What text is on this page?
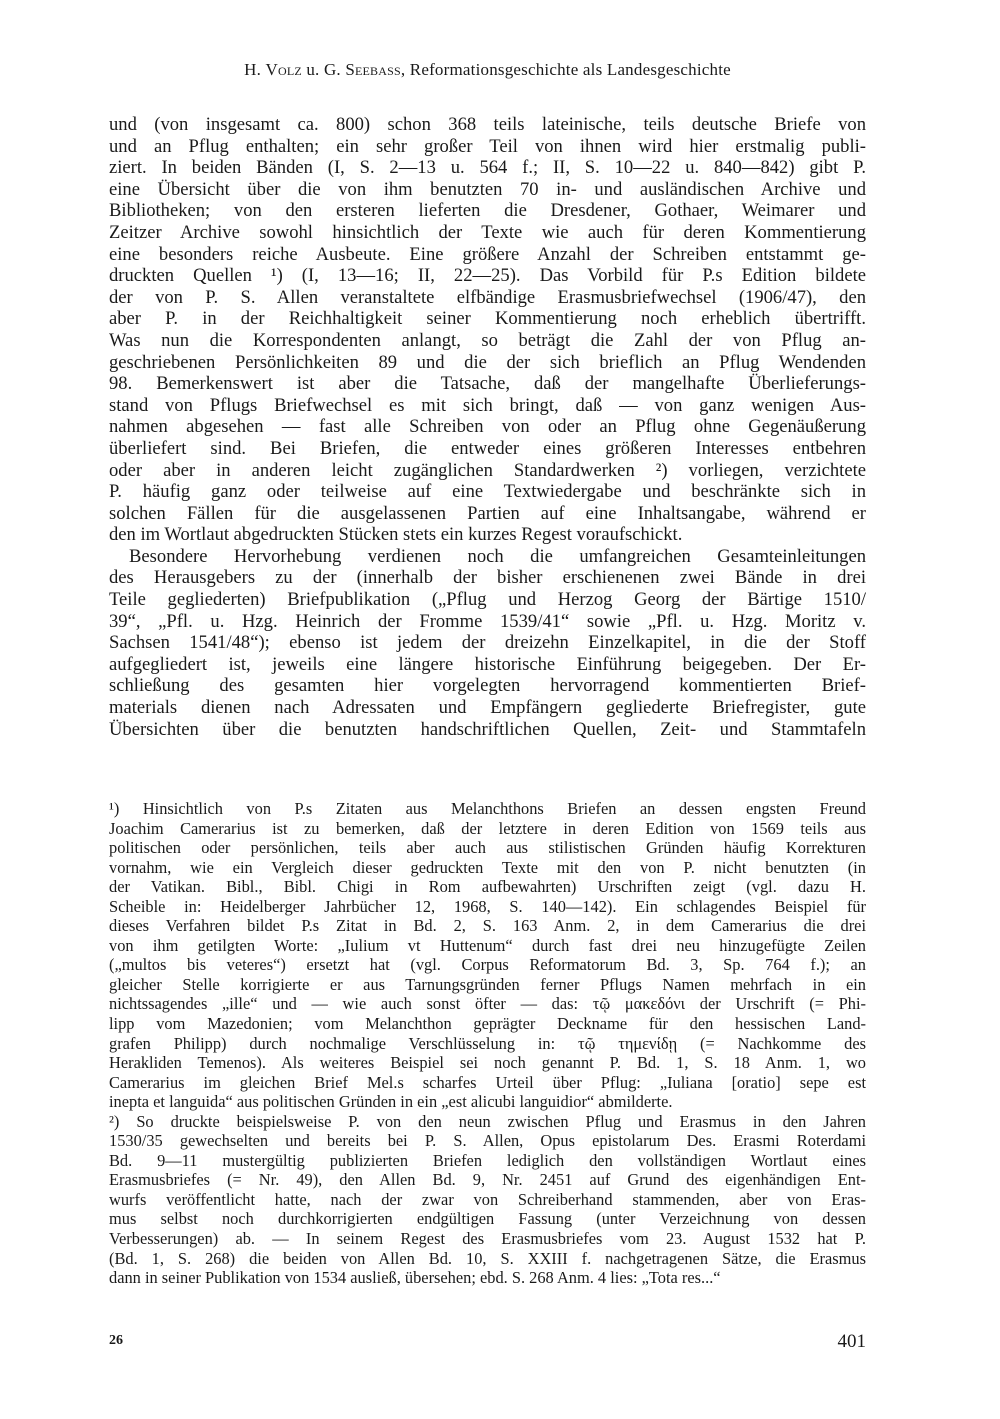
H. Volz u. G. Seebass, Reformationsgeschichte als Landesgeschichte
und (von insgesamt ca. 800) schon 368 teils lateinische, teils deutsche Briefe von
und an Pflug enthalten; ein sehr großer Teil von ihnen wird hier erstmalig publi-
ziert. In beiden Bänden (I, S. 2—13 u. 564 f.; II, S. 10—22 u. 840—842) gibt P.
eine Übersicht über die von ihm benutzten 70 in- und ausländischen Archive und
Bibliotheken; von den ersteren lieferten die Dresdener, Gothaer, Weimarer und
Zeitzer Archive sowohl hinsichtlich der Texte wie auch für deren Kommentierung
eine besonders reiche Ausbeute. Eine größere Anzahl der Schreiben entstammt ge-
druckten Quellen ¹) (I, 13—16; II, 22—25). Das Vorbild für P.s Edition bildete
der von P. S. Allen veranstaltete elfbändige Erasmusbriefwechsel (1906/47), den
aber P. in der Reichhaltigkeit seiner Kommentierung noch erheblich übertrifft.
Was nun die Korrespondenten anlangt, so beträgt die Zahl der von Pflug an-
geschriebenen Persönlichkeiten 89 und die der sich brieflich an Pflug Wendenden
98. Bemerkenswert ist aber die Tatsache, daß der mangelhafte Überlieferungs-
stand von Pflugs Briefwechsel es mit sich bringt, daß — von ganz wenigen Aus-
nahmen abgesehen — fast alle Schreiben von oder an Pflug ohne Gegenäußerung
überliefert sind. Bei Briefen, die entweder eines größeren Interesses entbehren
oder aber in anderen leicht zugänglichen Standardwerken ²) vorliegen, verzichtete
P. häufig ganz oder teilweise auf eine Textwiedergabe und beschränkte sich in
solchen Fällen für die ausgelassenen Partien auf eine Inhaltsangabe, während er
den im Wortlaut abgedruckten Stücken stets ein kurzes Regest voraufschickt.
Besondere Hervorhebung verdienen noch die umfangreichen Gesamteinleitungen
des Herausgebers zu der (innerhalb der bisher erschienenen zwei Bände in drei
Teile gegliederten) Briefpublikation („Pflug und Herzog Georg der Bärtige 1510/
39“, „Pfl. u. Hzg. Heinrich der Fromme 1539/41“ sowie „Pfl. u. Hzg. Moritz v.
Sachsen 1541/48“); ebenso ist jedem der dreizehn Einzelkapitel, in die der Stoff
aufgegliedert ist, jeweils eine längere historische Einführung beigegeben. Der Er-
schließung des gesamten hier vorgelegten hervorragend kommentierten Brief-
materials dienen nach Adressaten und Empfängern gegliederte Briefregister, gute
Übersichten über die benutzten handschriftlichen Quellen, Zeit- und Stammtafeln
¹) Hinsichtlich von P.s Zitaten aus Melanchthons Briefen an dessen engsten Freund
Joachim Camerarius ist zu bemerken, daß der letztere in deren Edition von 1569 teils aus
politischen oder persönlichen, teils aber auch aus stilistischen Gründen häufig Korrekturen
vornahm, wie ein Vergleich dieser gedruckten Texte mit den von P. nicht benutzten (in
der Vatikan. Bibl., Bibl. Chigi in Rom aufbewahrten) Urschriften zeigt (vgl. dazu H.
Scheible in: Heidelberger Jahrbücher 12, 1968, S. 140—142). Ein schlagendes Beispiel für
dieses Verfahren bildet P.s Zitat in Bd. 2, S. 163 Anm. 2, in dem Camerarius die drei
von ihm getilgten Worte: „Iulium vt Huttenum“ durch fast drei neu hinzugefügte Zeilen
(„multos bis veteres“) ersetzt hat (vgl. Corpus Reformatorum Bd. 3, Sp. 764 f.); an
gleicher Stelle korrigierte er aus Tarnungsgründen ferner Pflugs Namen mehrfach in ein
nichtssagendes „ille“ und — wie auch sonst öfter — das: τῷ μακεδόνι der Urschrift (= Phi-
lipp vom Mazedonien; vom Melanchthon geprägter Deckname für den hessischen Land-
grafen Philipp) durch nochmalige Verschlüsselung in: τῷ τημενίδῃ (= Nachkomme des
Herakliden Temenos). Als weiteres Beispiel sei noch genannt P. Bd. 1, S. 18 Anm. 1, wo
Camerarius im gleichen Brief Mel.s scharfes Urteil über Pflug: „Iuliana [oratio] sepe est
inepta et languida“ aus politischen Gründen in ein „est alicubi languidior“ abmilderte.
²) So druckte beispielsweise P. von den neun zwischen Pflug und Erasmus in den Jahren
1530/35 gewechselten und bereits bei P. S. Allen, Opus epistolarum Des. Erasmi Roterdami
Bd. 9—11 mustergültig publizierten Briefen lediglich den vollständigen Wortlaut eines
Erasmusbriefes (= Nr. 49), den Allen Bd. 9, Nr. 2451 auf Grund des eigenhändigen Ent-
wurfs veröffentlicht hatte, nach der zwar von Schreiberhand stammenden, aber von Eras-
mus selbst noch durchkorrigierten endgültigen Fassung (unter Verzeichnung von dessen
Verbesserungen) ab. — In seinem Regest des Erasmusbriefes vom 23. August 1532 hat P.
(Bd. 1, S. 268) die beiden von Allen Bd. 10, S. XXIII f. nachgetragenen Sätze, die Erasmus
dann in seiner Publikation von 1534 ausließ, übersehen; ebd. S. 268 Anm. 4 lies: „Tota res...“
26	401
